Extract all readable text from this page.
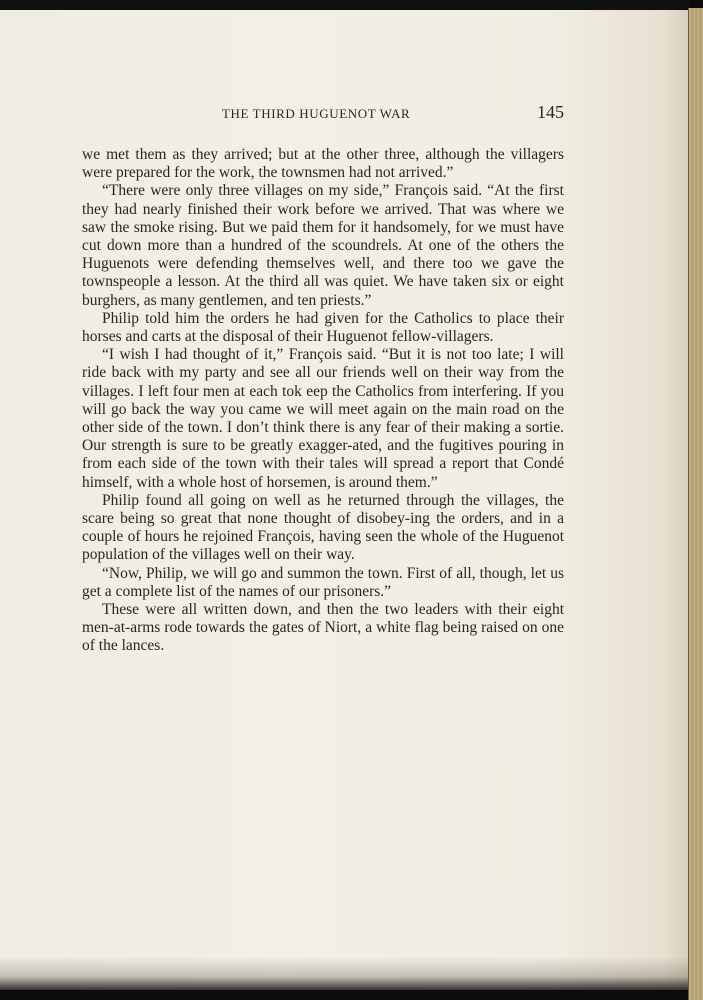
THE THIRD HUGUENOT WAR	145

we met them as they arrived; but at the other three, although the villagers were prepared for the work, the townsmen had not arrived.”

“There were only three villages on my side,” François said. “At the first they had nearly finished their work before we arrived. That was where we saw the smoke rising. But we paid them for it handsomely, for we must have cut down more than a hundred of the scoundrels. At one of the others the Huguenots were defending themselves well, and there too we gave the townspeople a lesson. At the third all was quiet. We have taken six or eight burghers, as many gentlemen, and ten priests.”

Philip told him the orders he had given for the Catholics to place their horses and carts at the disposal of their Huguenot fellow-villagers.

“I wish I had thought of it,” François said. “But it is not too late; I will ride back with my party and see all our friends well on their way from the villages. I left four men at each tok eep the Catholics from interfering. If you will go back the way you came we will meet again on the main road on the other side of the town. I don’t think there is any fear of their making a sortie. Our strength is sure to be greatly exagger-ated, and the fugitives pouring in from each side of the town with their tales will spread a report that Condé himself, with a whole host of horsemen, is around them.”

Philip found all going on well as he returned through the villages, the scare being so great that none thought of disobey-ing the orders, and in a couple of hours he rejoined François, having seen the whole of the Huguenot population of the villages well on their way.

“Now, Philip, we will go and summon the town. First of all, though, let us get a complete list of the names of our prisoners.”

These were all written down, and then the two leaders with their eight men-at-arms rode towards the gates of Niort, a white flag being raised on one of the lances.
